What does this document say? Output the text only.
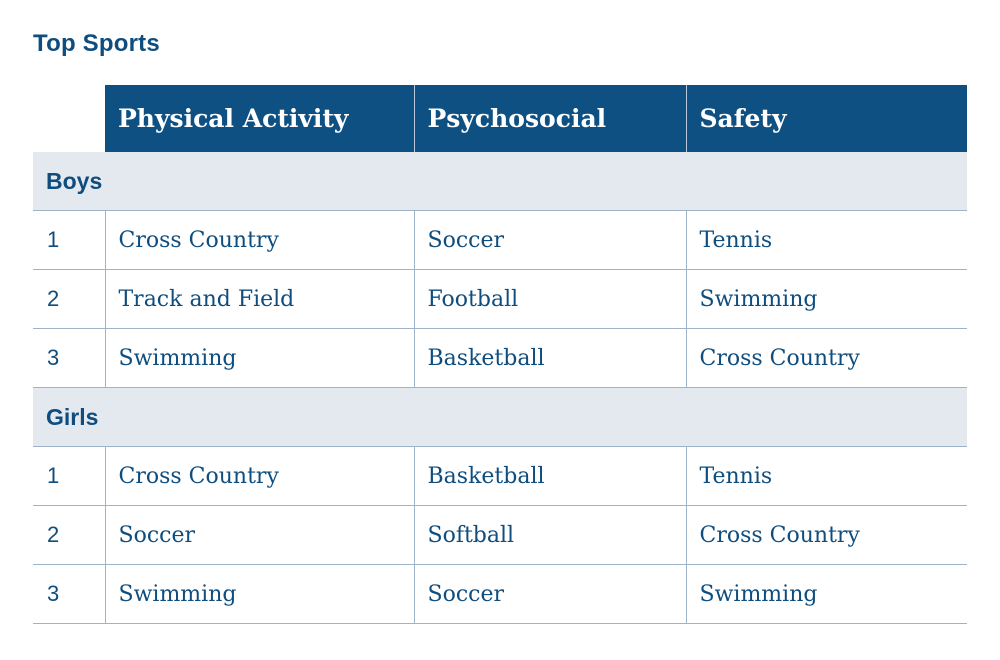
Top Sports
	Physical Activity	Psychosocial	Safety
Boys			
1	Cross Country	Soccer	Tennis
2	Track and Field	Football	Swimming
3	Swimming	Basketball	Cross Country
Girls			
1	Cross Country	Basketball	Tennis
2	Soccer	Softball	Cross Country
3	Swimming	Soccer	Swimming
